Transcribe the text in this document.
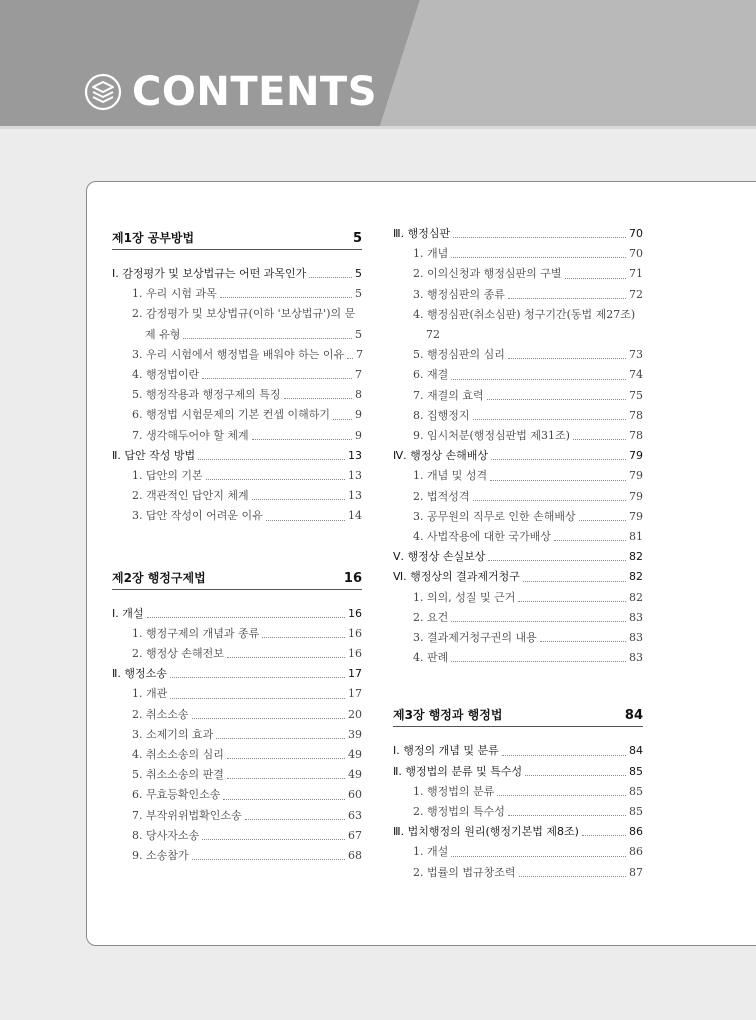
CONTENTS
제1장 공부방법	5
Ⅰ. 감정평가 및 보상법규는 어떤 과목인가	5
1. 우리 시험 과목	5
2. 감정평가 및 보상법규(이하 '보상법규')의 문
제 유형	5
3. 우리 시험에서 행정법을 배워야 하는 이유 7
4. 행정법이란	7
5. 행정작용과 행정구제의 특징	8
6. 행정법 시험문제의 기본 컨셉 이해하기 9
7. 생각해두어야 할 체계	9
Ⅱ. 답안 작성 방법	13
1. 답안의 기본	13
2. 객관적인 답안지 체계	13
3. 답안 작성이 어려운 이유	14
제2장 행정구제법	16
Ⅰ. 개설	16
1. 행정구제의 개념과 종류	16
2. 행정상 손해전보	16
Ⅱ. 행정소송	17
1. 개관	17
2. 취소소송	20
3. 소제기의 효과	39
4. 취소소송의 심리	49
5. 취소소송의 판결	49
6. 무효등확인소송	60
7. 부작위위법확인소송	63
8. 당사자소송	67
9. 소송참가	68
Ⅲ. 행정심판	70
1. 개념	70
2. 이의신청과 행정심판의 구별	71
3. 행정심판의 종류	72
4. 행정심판(취소심판) 청구기간(동법 제27조)
72
5. 행정심판의 심리	73
6. 재결	74
7. 재결의 효력	75
8. 집행정지	78
9. 임시처분(행정심판법 제31조)	78
Ⅳ. 행정상 손해배상	79
1. 개념 및 성격	79
2. 법적성격	79
3. 공무원의 직무로 인한 손해배상	79
4. 사법작용에 대한 국가배상	81
Ⅴ. 행정상 손실보상	82
Ⅵ. 행정상의 결과제거청구	82
1. 의의, 성질 및 근거	82
2. 요건	83
3. 결과제거청구권의 내용	83
4. 판례	83
제3장 행정과 행정법	84
Ⅰ. 행정의 개념 및 분류	84
Ⅱ. 행정법의 분류 및 특수성	85
1. 행정법의 분류	85
2. 행정법의 특수성	85
Ⅲ. 법치행정의 원리(행정기본법 제8조)	86
1. 개설	86
2. 법률의 법규창조력	87
